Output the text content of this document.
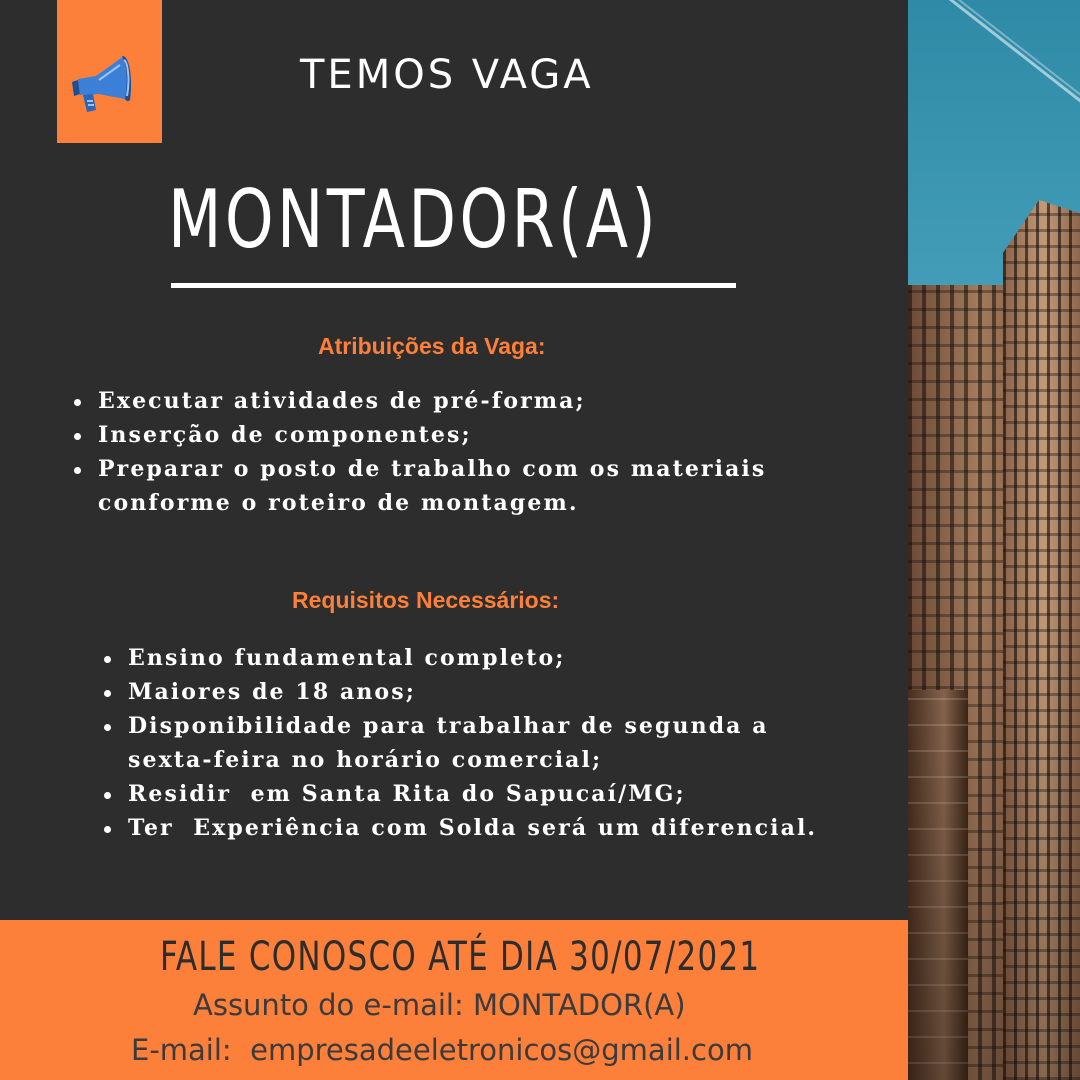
TEMOS VAGA
MONTADOR(A)
Atribuições da Vaga:
Executar atividades de pré-forma;
Inserção de componentes;
Preparar o posto de trabalho com os materiais
conforme o roteiro de montagem.
Requisitos Necessários:
Ensino fundamental completo;
Maiores de 18 anos;
Disponibilidade para trabalhar de segunda a
sexta-feira no horário comercial;
Residir  em Santa Rita do Sapucaí/MG;
Ter  Experiência com Solda será um diferencial.
FALE CONOSCO ATÉ DIA 30/07/2021
Assunto do e-mail: MONTADOR(A)
E-mail:  empresadeeletronicos@gmail.com
